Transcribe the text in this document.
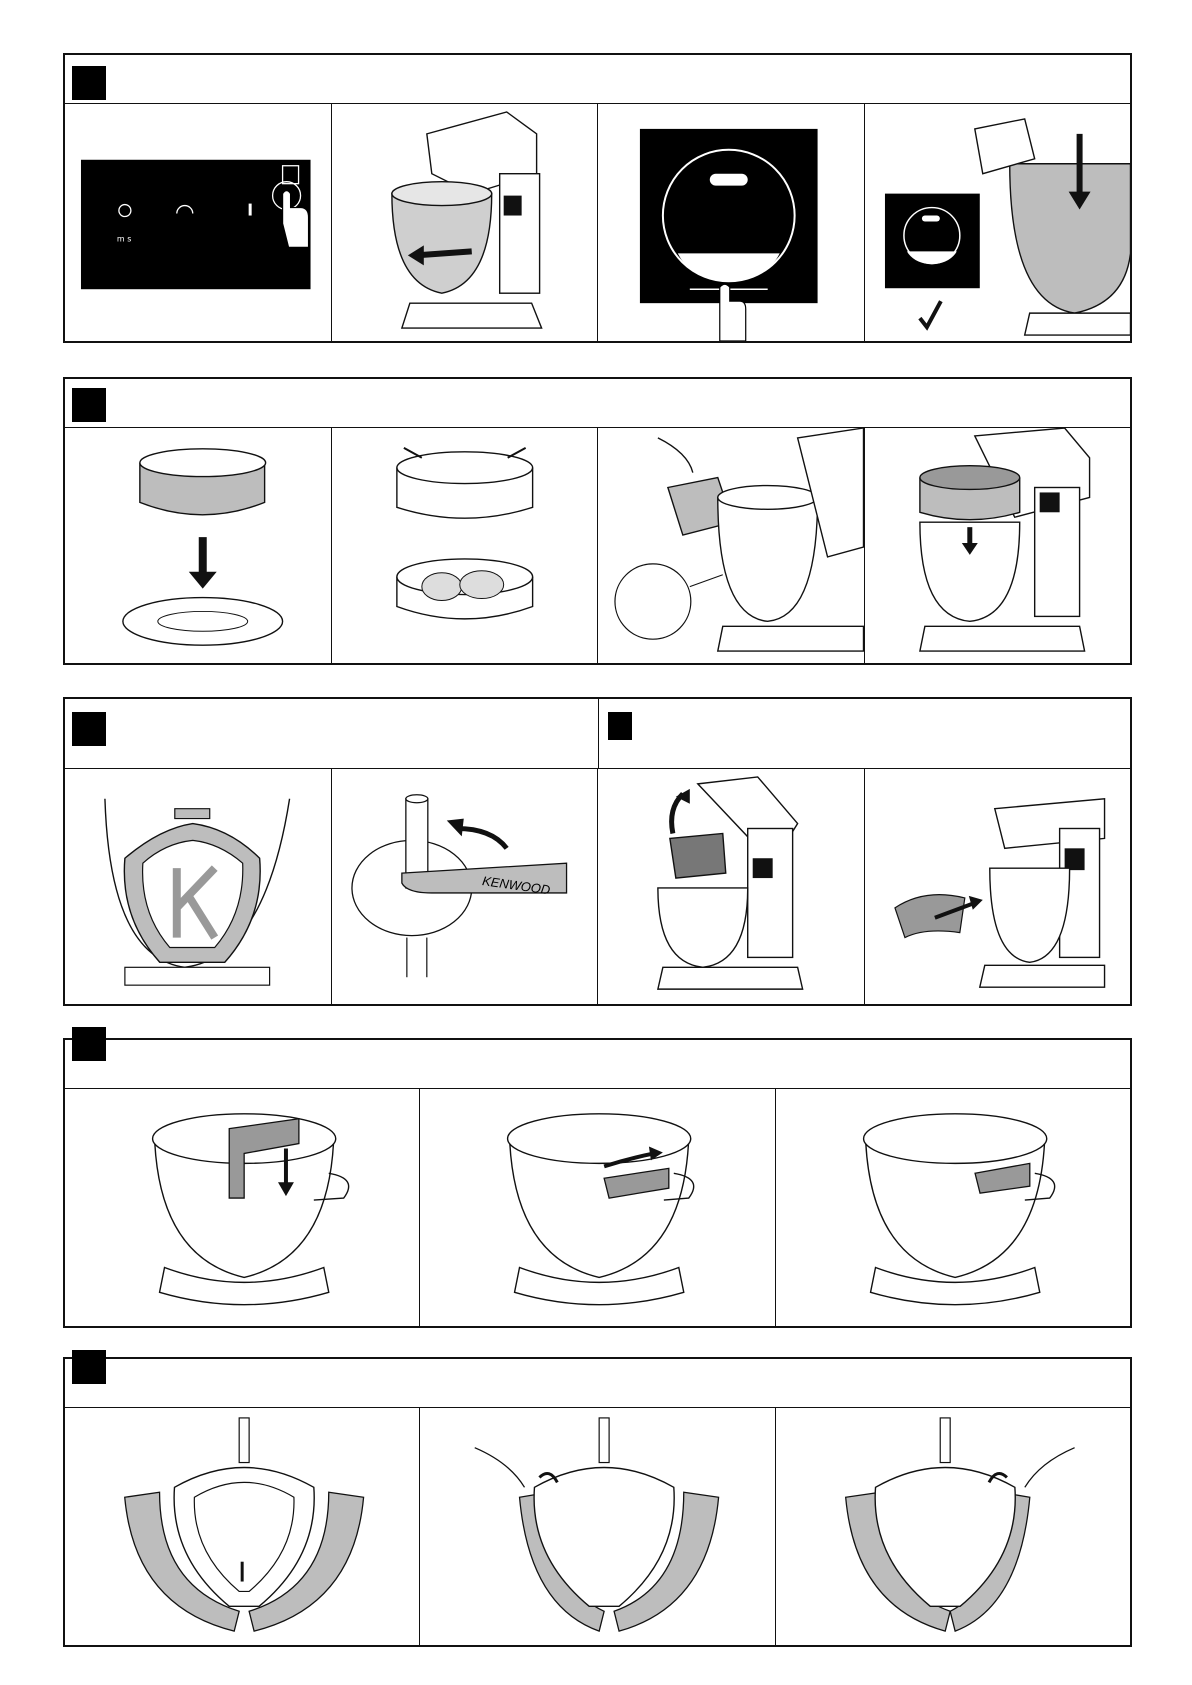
m s
KENWOOD
